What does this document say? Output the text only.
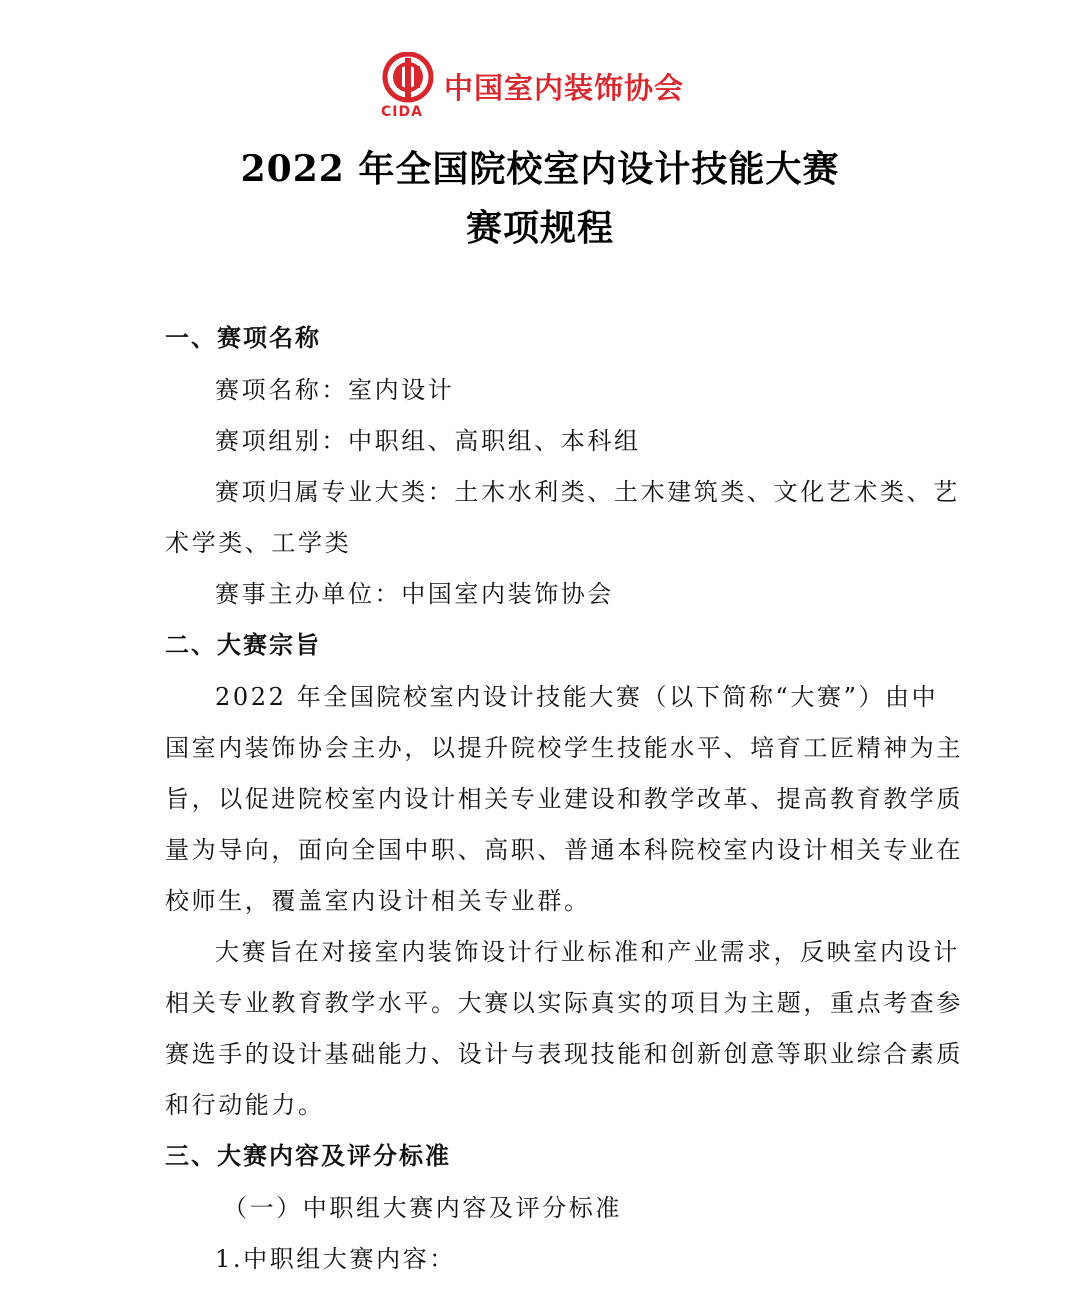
CIDA
中国室内装饰协会
2022 年全国院校室内设计技能大赛
赛项规程

一、赛项名称

赛项名称：室内设计

赛项组别：中职组、高职组、本科组

赛项归属专业大类：土木水利类、土木建筑类、文化艺术类、艺

术学类、工学类

赛事主办单位：中国室内装饰协会

二、大赛宗旨

2022 年全国院校室内设计技能大赛（以下简称“大赛”）由中

国室内装饰协会主办，以提升院校学生技能水平、培育工匠精神为主

旨，以促进院校室内设计相关专业建设和教学改革、提高教育教学质

量为导向，面向全国中职、高职、普通本科院校室内设计相关专业在

校师生，覆盖室内设计相关专业群。

大赛旨在对接室内装饰设计行业标准和产业需求，反映室内设计

相关专业教育教学水平。大赛以实际真实的项目为主题，重点考查参

赛选手的设计基础能力、设计与表现技能和创新创意等职业综合素质

和行动能力。

三、大赛内容及评分标准

（一）中职组大赛内容及评分标准

1.中职组大赛内容：
